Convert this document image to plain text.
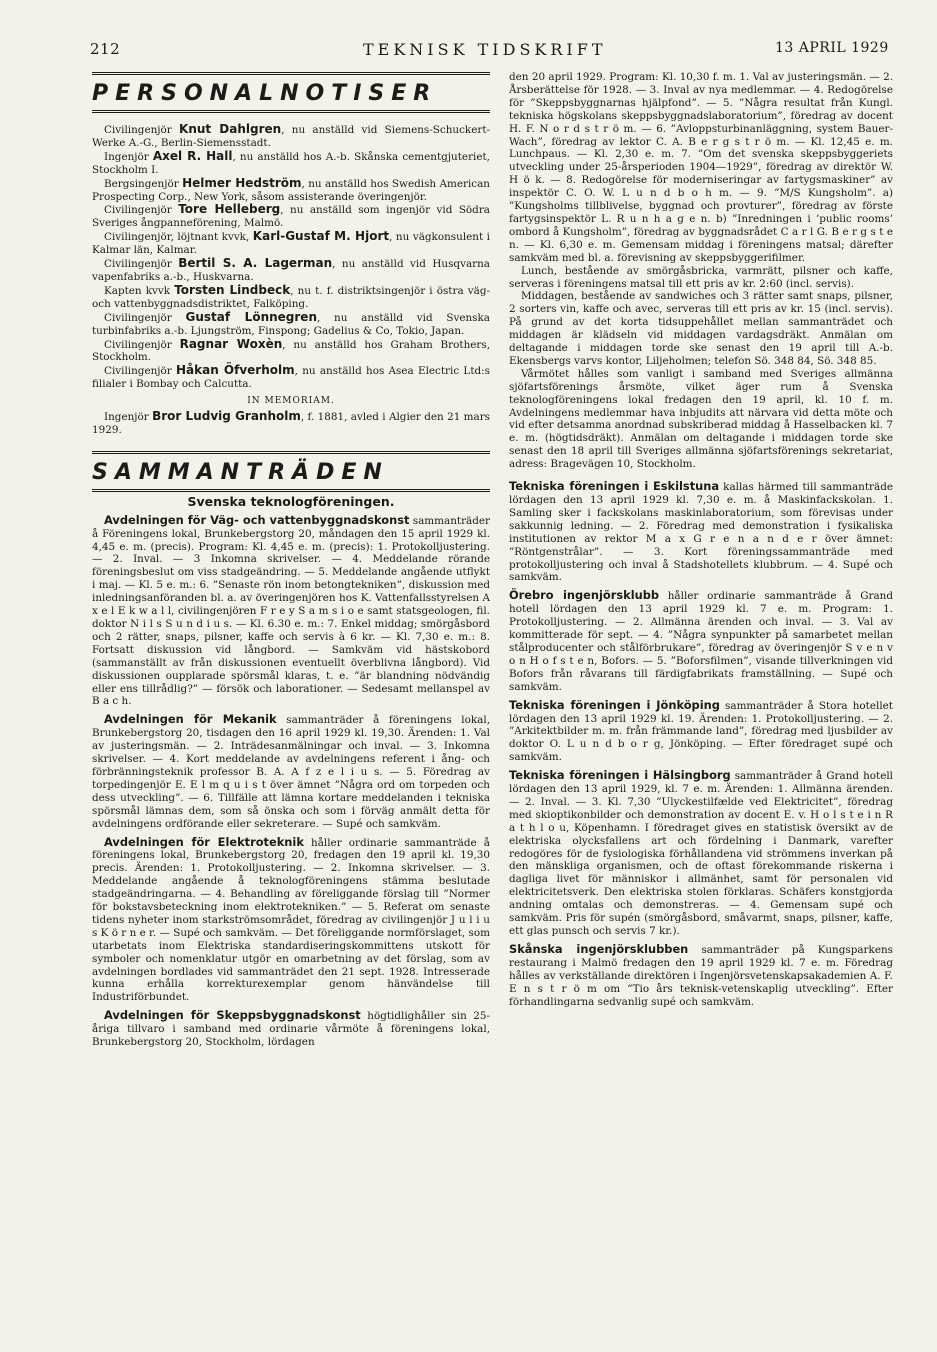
212	TEKNISK TIDSKRIFT	13 APRIL 1929
PERSONALNOTISER

Civilingenjör Knut Dahlgren, nu anställd vid Siemens-Schuckert-Werke A.-G., Berlin-Siemensstadt.

Ingenjör Axel R. Hall, nu anställd hos A.-b. Skånska cementgjuteriet, Stockholm I.

Bergsingenjör Helmer Hedström, nu anställd hos Swedish American Prospecting Corp., New York, såsom assisterande överingenjör.

Civilingenjör Tore Helleberg, nu anställd som ingenjör vid Södra Sveriges ångpanneförening, Malmö.

Civilingenjör, löjtnant kvvk, Karl-Gustaf M. Hjort, nu vägkonsulent i Kalmar län, Kalmar.

Civilingenjör Bertil S. A. Lagerman, nu anställd vid Husqvarna vapenfabriks a.-b., Huskvarna.

Kapten kvvk Torsten Lindbeck, nu t. f. distriktsingenjör i östra väg- och vattenbyggnadsdistriktet, Falköping.

Civilingenjör Gustaf Lönnegren, nu anställd vid Svenska turbinfabriks a.-b. Ljungström, Finspong; Gadelius & Co, Tokio, Japan.

Civilingenjör Ragnar Woxèn, nu anställd hos Graham Brothers, Stockholm.

Civilingenjör Håkan Öfverholm, nu anställd hos Asea Electric Ltd:s filialer i Bombay och Calcutta.

IN MEMORIAM.

Ingenjör Bror Ludvig Granholm, f. 1881, avled i Algier den 21 mars 1929.

SAMMANTRÄDEN

Svenska teknologföreningen.

Avdelningen för Väg- och vattenbyggnadskonst sammanträder å Föreningens lokal, Brunkebergstorg 20, måndagen den 15 april 1929 kl. 4,45 e. m. (precis). Program: Kl. 4,45 e. m. (precis): 1. Protokolljustering. — 2. Inval. — 3 Inkomna skrivelser. — 4. Meddelande rörande föreningsbeslut om viss stadgeändring. — 5. Meddelande angående utflykt i maj. — Kl. 5 e. m.: 6. ”Senaste rön inom betongtekniken”, diskussion med inledningsanföranden bl. a. av överingenjören hos K. Vattenfallsstyrelsen A x e l E k w a l l, civilingenjören F r e y S a m s i o e samt statsgeologen, fil. doktor N i l s S u n d i u s. — Kl. 6.30 e. m.: 7. Enkel middag; smörgåsbord och 2 rätter, snaps, pilsner, kaffe och servis à 6 kr. — Kl. 7,30 e. m.: 8. Fortsatt diskussion vid långbord. — Samkväm vid hästskobord (sammanställt av från diskussionen eventuellt överblivna långbord). Vid diskussionen oupplarade spörsmål klaras, t. e. ”är blandning nödvändig eller ens tillrådlig?” — försök och laborationer. — Sedesamt mellanspel av B a c h.

Avdelningen för Mekanik sammanträder å föreningens lokal, Brunkebergstorg 20, tisdagen den 16 april 1929 kl. 19,30. Ärenden: 1. Val av justeringsmän. — 2. Inträdesanmälningar och inval. — 3. Inkomna skrivelser. — 4. Kort meddelande av avdelningens referent i ång- och förbränningsteknik professor B. A. A f z e l i u s. — 5. Föredrag av torpedingenjör E. E l m q u i s t över ämnet ”Några ord om torpeden och dess utveckling”. — 6. Tillfälle att lämna kortare meddelanden i tekniska spörsmål lämnas dem, som så önska och som i förväg anmält detta för avdelningens ordförande eller sekreterare. — Supé och samkväm.

Avdelningen för Elektroteknik håller ordinarie sammanträde å föreningens lokal, Brunkebergstorg 20, fredagen den 19 april kl. 19,30 precis. Ärenden: 1. Protokolljustering. — 2. Inkomna skrivelser. — 3. Meddelande angående å teknologföreningens stämma beslutade stadgeändringarna. — 4. Behandling av föreliggande förslag till ”Normer för bokstavsbeteckning inom elektrotekniken.” — 5. Referat om senaste tidens nyheter inom starkströmsområdet, föredrag av civilingenjör J u l i u s K ö r n e r. — Supé och samkväm. — Det föreliggande normförslaget, som utarbetats inom Elektriska standardiseringskommittens utskott för symboler och nomenklatur utgör en omarbetning av det förslag, som av avdelningen bordlades vid sammanträdet den 21 sept. 1928. Intresserade kunna erhålla korrekturexemplar genom hänvändelse till Industriförbundet.

Avdelningen för Skeppsbyggnadskonst högtidlighåller sin 25-åriga tillvaro i samband med ordinarie vårmöte å föreningens lokal, Brunkebergstorg 20, Stockholm, lördagen

den 20 april 1929. Program: Kl. 10,30 f. m. 1. Val av justeringsmän. — 2. Årsberättelse för 1928. — 3. Inval av nya medlemmar. — 4. Redogörelse för ”Skeppsbyggnarnas hjälpfond”. — 5. ”Några resultat från Kungl. tekniska högskolans skeppsbyggnadslaboratorium”, föredrag av docent H. F. N o r d s t r ö m. — 6. ”Avloppsturbinanläggning, system Bauer-Wach”, föredrag av lektor C. A. B e r g s t r ö m. — Kl. 12,45 e. m. Lunchpaus. — Kl. 2,30 e. m. 7. ”Om det svenska skeppsbyggeriets utveckling under 25-årsperioden 1904—1929”, föredrag av direktör W. H ö k. — 8. Redogörelse för moderniseringar av fartygsmaskiner” av inspektör C. O. W. L u n d b o h m. — 9. ”M/S Kungsholm”. a) ”Kungsholms tillblivelse, byggnad och provturer”, föredrag av förste fartygsinspektör L. R u n h a g e n. b) ”Inredningen i ’public rooms’ ombord å Kungsholm”, föredrag av byggnadsrådet C a r l G. B e r g s t e n. — Kl. 6,30 e. m. Gemensam middag i föreningens matsal; därefter samkväm med bl. a. förevisning av skeppsbyggerifilmer.

Lunch, bestående av smörgåsbricka, varmrätt, pilsner och kaffe, serveras i föreningens matsal till ett pris av kr. 2:60 (incl. servis).

Middagen, bestående av sandwiches och 3 rätter samt snaps, pilsner, 2 sorters vin, kaffe och avec, serveras till ett pris av kr. 15 (incl. servis). På grund av det korta tidsuppehållet mellan sammanträdet och middagen är klädseln vid middagen vardagsdräkt. Anmälan om deltagande i middagen torde ske senast den 19 april till A.-b. Ekensbergs varvs kontor, Liljeholmen; telefon Sö. 348 84, Sö. 348 85.

Vårmötet hålles som vanligt i samband med Sveriges allmänna sjöfartsförenings årsmöte, vilket äger rum å Svenska teknologföreningens lokal fredagen den 19 april, kl. 10 f. m. Avdelningens medlemmar hava inbjudits att närvara vid detta möte och vid efter detsamma anordnad subskriberad middag å Hasselbacken kl. 7 e. m. (högtidsdräkt). Anmälan om deltagande i middagen torde ske senast den 18 april till Sveriges allmänna sjöfartsförenings sekretariat, adress: Bragevägen 10, Stockholm.

Tekniska föreningen i Eskilstuna kallas härmed till sammanträde lördagen den 13 april 1929 kl. 7,30 e. m. å Maskinfackskolan. 1. Samling sker i fackskolans maskinlaboratorium, som förevisas under sakkunnig ledning. — 2. Föredrag med demonstration i fysikaliska institutionen av rektor M a x G r e n a n d e r över ämnet: ”Röntgenstrålar”. — 3. Kort föreningssammanträde med protokolljustering och inval å Stadshotellets klubbrum. — 4. Supé och samkväm.

Örebro ingenjörsklubb håller ordinarie sammanträde å Grand hotell lördagen den 13 april 1929 kl. 7 e. m. Program: 1. Protokolljustering. — 2. Allmänna ärenden och inval. — 3. Val av kommitterade för sept. — 4. ”Några synpunkter på samarbetet mellan stålproducenter och stålförbrukare”, föredrag av överingenjör S v e n v o n H o f s t e n, Bofors. — 5. ”Boforsfilmen”, visande tillverkningen vid Bofors från råvarans till färdigfabrikats framställning. — Supé och samkväm.

Tekniska föreningen i Jönköping sammanträder å Stora hotellet lördagen den 13 april 1929 kl. 19. Ärenden: 1. Protokolljustering. — 2. ”Arkitektbilder m. m. från främmande land”, föredrag med ljusbilder av doktor O. L u n d b o r g, Jönköping. — Efter föredraget supé och samkväm.

Tekniska föreningen i Hälsingborg sammanträder å Grand hotell lördagen den 13 april 1929, kl. 7 e. m. Ärenden: 1. Allmänna ärenden. — 2. Inval. — 3. Kl. 7,30 ”Ulyckestilfælde ved Elektricitet”, föredrag med skioptikonbilder och demonstration av docent E. v. H o l s t e i n R a t h l o u, Köpenhamn. I föredraget gives en statistisk översikt av de elektriska olycksfallens art och fördelning i Danmark, varefter redogöres för de fysiologiska förhållandena vid strömmens inverkan på den mänskliga organismen, och de oftast förekommande riskerna i dagliga livet för människor i allmänhet, samt för personalen vid elektricitetsverk. Den elektriska stolen förklaras. Schäfers konstgjorda andning omtalas och demonstreras. — 4. Gemensam supé och samkväm. Pris för supén (smörgåsbord, småvarmt, snaps, pilsner, kaffe, ett glas punsch och servis 7 kr.).

Skånska ingenjörsklubben sammanträder på Kungsparkens restaurang i Malmö fredagen den 19 april 1929 kl. 7 e. m. Föredrag hålles av verkställande direktören i Ingenjörsvetenskapsakademien A. F. E n s t r ö m om ”Tio års teknisk-vetenskaplig utveckling”. Efter förhandlingarna sedvanlig supé och samkväm.
